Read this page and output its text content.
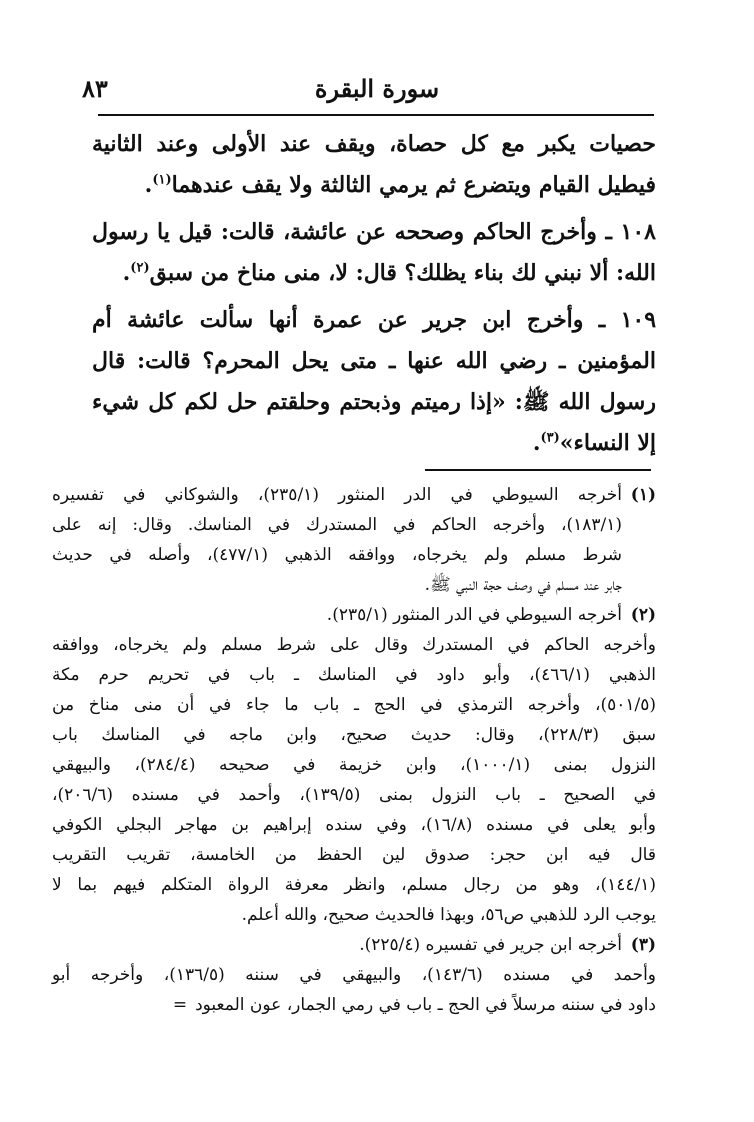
٨٣	سورة البقرة

حصيات يكبر مع كل حصاة، ويقف عند الأولى وعند الثانية فيطيل القيام ويتضرع ثم يرمي الثالثة ولا يقف عندهما$^{(١)}$.

١٠٨ ـ وأخرج الحاكم وصححه عن عائشة، قالت: قيل يا رسول الله: ألا نبني لك بناء يظلك؟ قال: لا، منى مناخ من سبق$^{(٢)}$.

١٠٩ ـ وأخرج ابن جرير عن عمرة أنها سألت عائشة أم المؤمنين ـ رضي الله عنها ـ متى يحل المحرم؟ قالت: قال رسول الله ﷺ: «إذا رميتم وذبحتم وحلقتم حل لكم كل شيء إلا النساء»$^{(٣)}$.

(١)

أخرجه السيوطي في الدر المنثور (٢٣٥/١)، والشوكاني في تفسيره

(١٨٣/١)، وأخرجه الحاكم في المستدرك في المناسك. وقال: إنه على

شرط مسلم ولم يخرجاه، ووافقه الذهبي (٤٧٧/١)، وأصله في حديث

جابر عند مسلم في وصف حجة النبي ﷺ.

(٢)

أخرجه السيوطي في الدر المنثور (٢٣٥/١).

وأخرجه الحاكم في المستدرك وقال على شرط مسلم ولم يخرجاه، ووافقه

الذهبي (٤٦٦/١)، وأبو داود في المناسك ـ باب في تحريم حرم مكة

(٥٠١/٥)، وأخرجه الترمذي في الحج ـ باب ما جاء في أن منى مناخ من

سبق (٢٢٨/٣)، وقال: حديث صحيح، وابن ماجه في المناسك باب

النزول بمنى (١٠٠٠/١)، وابن خزيمة في صحيحه (٢٨٤/٤)، والبيهقي

في الصحيح ـ باب النزول بمنى (١٣٩/٥)، وأحمد في مسنده (٢٠٦/٦)،

وأبو يعلى في مسنده (١٦/٨)، وفي سنده إبراهيم بن مهاجر البجلي الكوفي

قال فيه ابن حجر: صدوق لين الحفظ من الخامسة، تقريب التقريب

(١٤٤/١)، وهو من رجال مسلم، وانظر معرفة الرواة المتكلم فيهم بما لا

يوجب الرد للذهبي ص٥٦، وبهذا فالحديث صحيح، والله أعلم.

(٣)

أخرجه ابن جرير في تفسيره (٢٢٥/٤).

وأحمد في مسنده (١٤٣/٦)، والبيهقي في سننه (١٣٦/٥)، وأخرجه أبو

داود في سننه مرسلاً في الحج ـ باب في رمي الجمار، عون المعبود=
